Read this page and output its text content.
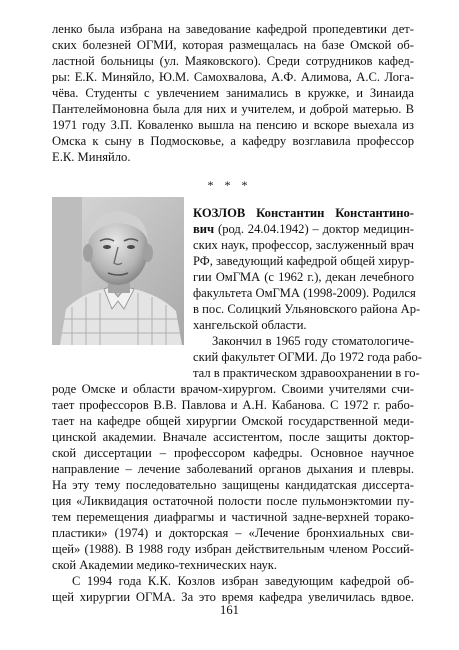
ленко была избрана на заведование кафедрой пропедевтики дет-
ских болезней ОГМИ, которая размещалась на базе Омской об-
ластной больницы (ул. Маяковского). Среди сотрудников кафед-
ры: Е.К. Миняйло, Ю.М. Самохвалова, А.Ф. Алимова, А.С. Лога-
чёва. Студенты с увлечением занимались в кружке, и Зинаида
Пантелеймоновна была для них и учителем, и доброй матерью. В
1971 году З.П. Коваленко вышла на пенсию и вскоре выехала из
Омска к сыну в Подмосковье, а кафедру возглавила профессор
Е.К. Миняйло.
* * *
КОЗЛОВ Константин Константино-
вич (род. 24.04.1942) – доктор медицин-
ских наук, профессор, заслуженный врач
РФ, заведующий кафедрой общей хирур-
гии ОмГМА (с 1962 г.), декан лечебного
факультета ОмГМА (1998-2009). Родился
в пос. Солицкий Ульяновского района Ар-
хангельской области.
Закончил в 1965 году стоматологиче-
ский факультет ОГМИ. До 1972 года рабо-
тал в практическом здравоохранении в го-
роде Омске и области врачом-хирургом. Своими учителями счи-
тает профессоров В.В. Павлова и А.Н. Кабанова. С 1972 г. рабо-
тает на кафедре общей хирургии Омской государственной меди-
цинской академии. Вначале ассистентом, после защиты доктор-
ской диссертации – профессором кафедры. Основное научное
направление – лечение заболеваний органов дыхания и плевры.
На эту тему последовательно защищены кандидатская диссерта-
ция «Ликвидация остаточной полости после пульмонэктомии пу-
тем перемещения диафрагмы и частичной задне-верхней торако-
пластики» (1974) и докторская – «Лечение бронхиальных сви-
щей» (1988). В 1988 году избран действительным членом Россий-
ской Академии медико-технических наук.
С 1994 года К.К. Козлов избран заведующим кафедрой об-
щей хирургии ОГМА. За это время кафедра увеличилась вдвое.
161
